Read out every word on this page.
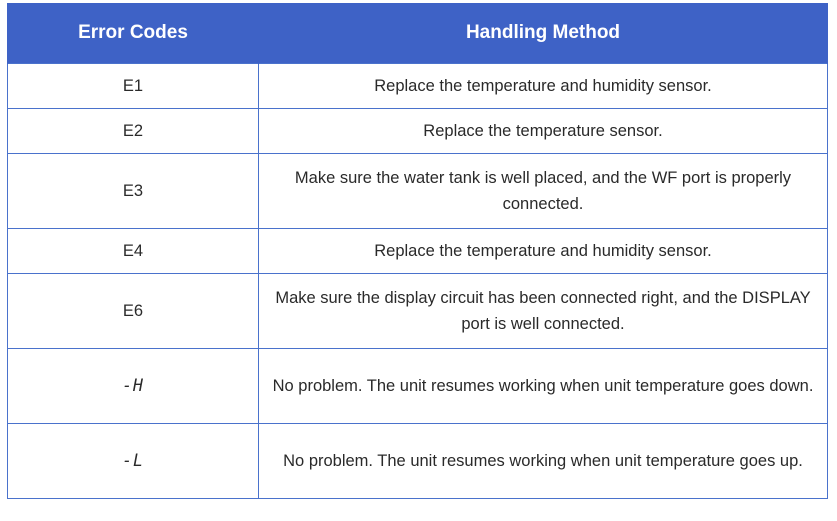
Error Codes	Handling Method
E1	Replace the temperature and humidity sensor.
E2	Replace the temperature sensor.
E3	Make sure the water tank is well placed, and the WF port is properly connected.
E4	Replace the temperature and humidity sensor.
E6	Make sure the display circuit has been connected right, and the DISPLAY port is well connected.
-H	No problem. The unit resumes working when unit temperature goes down.
-L	No problem. The unit resumes working when unit temperature goes up.
